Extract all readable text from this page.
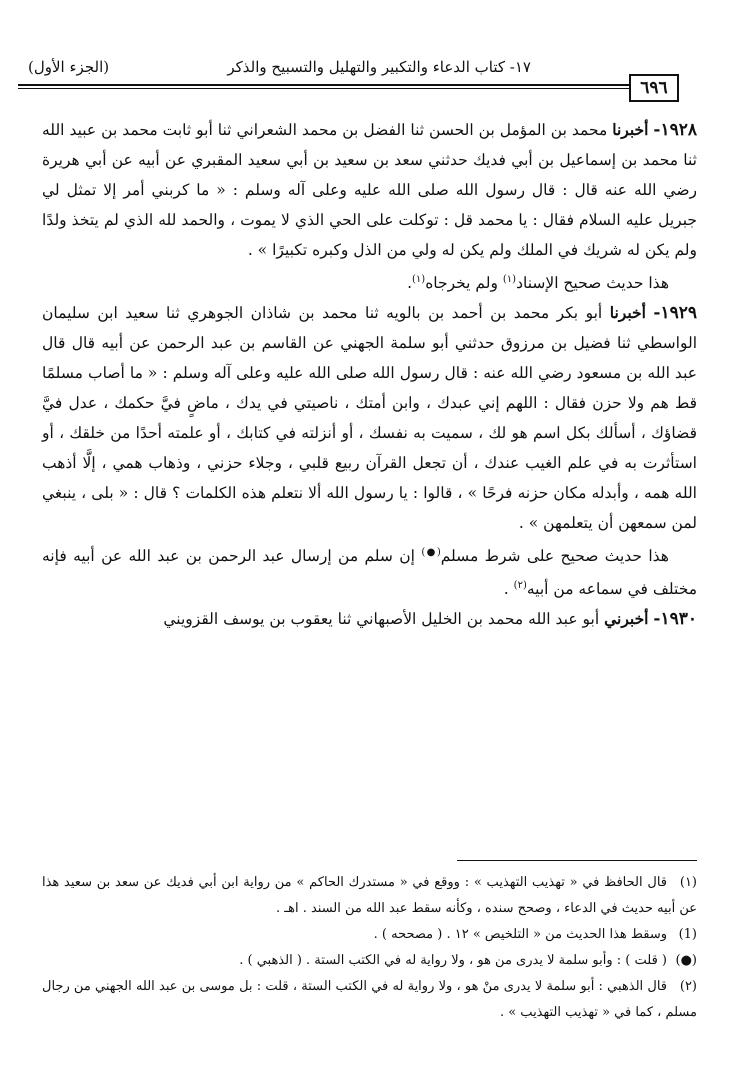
١٧- كتاب الدعاء والتكبير والتهليل والتسبيح والذكر
(الجزء الأول)
٦٩٦

١٩٢٨- أخبرنا محمد بن المؤمل بن الحسن ثنا الفضل بن محمد الشعراني ثنا أبو ثابت محمد بن عبيد الله ثنا محمد بن إسماعيل بن أبي فديك حدثني سعد بن سعيد بن أبي سعيد المقبري عن أبيه عن أبي هريرة رضي الله عنه قال : قال رسول الله صلى الله عليه وعلى آله وسلم : « ما كربني أمر إلا تمثل لي جبريل عليه السلام فقال : يا محمد قل : توكلت على الحي الذي لا يموت ، والحمد لله الذي لم يتخذ ولدًا ولم يكن له شريك في الملك ولم يكن له ولي من الذل وكبره تكبيرًا » .

هذا حديث صحيح الإسناد$^{(١)}$ ولم يخرجاه$^{(١)}$.

١٩٢٩- أخبرنا أبو بكر محمد بن أحمد بن بالويه ثنا محمد بن شاذان الجوهري ثنا سعيد ابن سليمان الواسطي ثنا فضيل بن مرزوق حدثني أبو سلمة الجهني عن القاسم بن عبد الرحمن عن أبيه قال قال عبد الله بن مسعود رضي الله عنه : قال رسول الله صلى الله عليه وعلى آله وسلم : « ما أصاب مسلمًا قط هم ولا حزن فقال : اللهم إني عبدك ، وابن أمتك ، ناصيتي في يدك ، ماضٍ فيَّ حكمك ، عدل فيَّ قضاؤك ، أسألك بكل اسم هو لك ، سميت به نفسك ، أو أنزلته في كتابك ، أو علمته أحدًا من خلقك ، أو استأثرت به في علم الغيب عندك ، أن تجعل القرآن ربيع قلبي ، وجلاء حزني ، وذهاب همي ، إلَّا أذهب الله همه ، وأبدله مكان حزنه فرحًا » ، قالوا : يا رسول الله ألا نتعلم هذه الكلمات ؟ قال : « بلى ، ينبغي لمن سمعهن أن يتعلمهن » .

هذا حديث صحيح على شرط مسلم(●) إن سلم من إرسال عبد الرحمن بن عبد الله عن أبيه فإنه مختلف في سماعه من أبيه$^{(٢)}$ .

١٩٣٠- أخبرني أبو عبد الله محمد بن الخليل الأصبهاني ثنا يعقوب بن يوسف القزويني

(١)قال الحافظ في « تهذيب التهذيب » : ووقع في « مستدرك الحاكم » من رواية ابن أبي فديك عن سعد بن سعيد هذا عن أبيه حديث في الدعاء ، وصحح سنده ، وكأنه سقط عبد الله من السند . اهـ .

(1)وسقط هذا الحديث من « التلخيص » ١٢ . ( مصححه ) .

(●)( قلت ) : وأبو سلمة لا يدرى من هو ، ولا رواية له في الكتب الستة . ( الذهبي ) .

(٢)قال الذهبي : أبو سلمة لا يدرى منْ هو ، ولا رواية له في الكتب الستة ، قلت : بل موسى بن عبد الله الجهني من رجال مسلم ، كما في « تهذيب التهذيب » .
